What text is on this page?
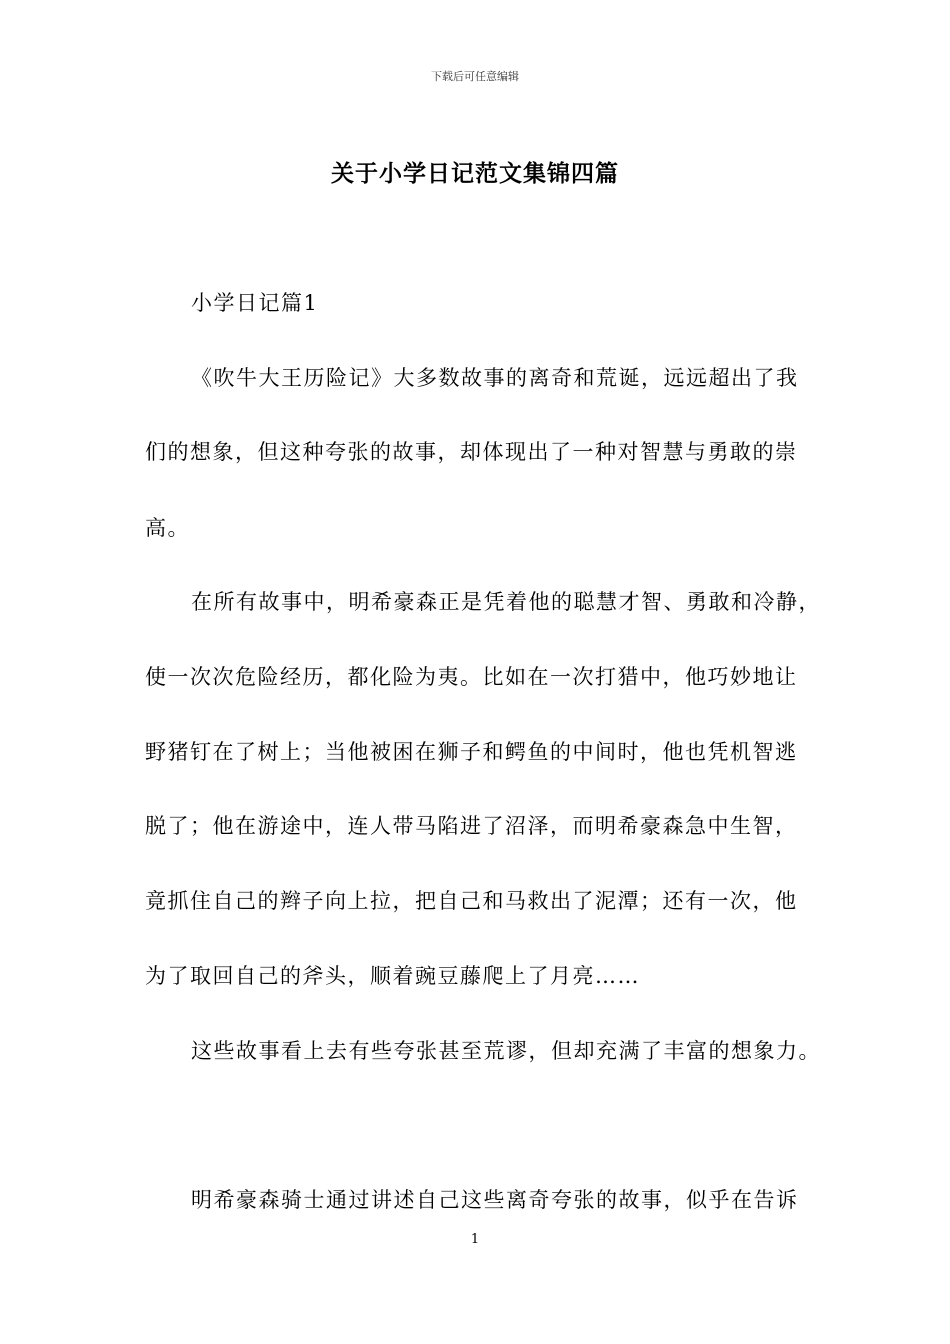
下载后可任意编辑
关于小学日记范文集锦四篇
小学日记篇1
《吹牛大王历险记》大多数故事的离奇和荒诞，远远超出了我
们的想象，但这种夸张的故事，却体现出了一种对智慧与勇敢的崇
高。
在所有故事中，明希豪森正是凭着他的聪慧才智、勇敢和冷静，
使一次次危险经历，都化险为夷。比如在一次打猎中，他巧妙地让
野猪钉在了树上；当他被困在狮子和鳄鱼的中间时，他也凭机智逃
脱了；他在游途中，连人带马陷进了沼泽，而明希豪森急中生智，
竟抓住自己的辫子向上拉，把自己和马救出了泥潭；还有一次，他
为了取回自己的斧头，顺着豌豆藤爬上了月亮……
这些故事看上去有些夸张甚至荒谬，但却充满了丰富的想象力。
明希豪森骑士通过讲述自己这些离奇夸张的故事，似乎在告诉
1
